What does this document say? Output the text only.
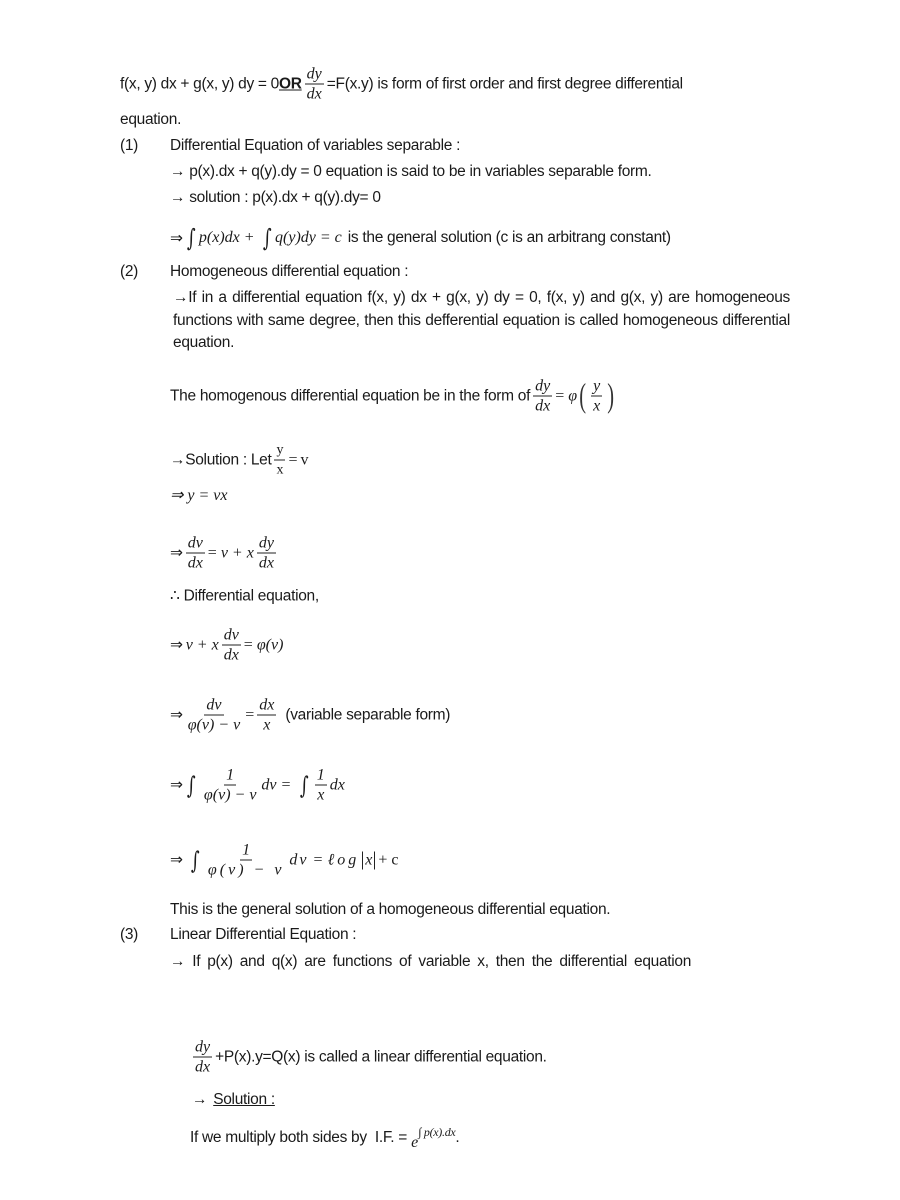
f(x, y) dx + g(x, y) dy = 0 OR $\frac{dy}{dx} =F(x.y)$ is form of first order and first degree differential
equation.
(1) Differential Equation of variables separable :
→ p(x).dx + q(y).dy = 0 equation is said to be in variables separable form.
→ solution : p(x).dx + q(y).dy= 0
⇒ ∫ p(x)dx + ∫ q(y)dy = c is the general solution (c is an arbitrang constant)
(2) Homogeneous differential equation :
→If in a differential equation f(x, y) dx + g(x, y) dy = 0, f(x, y) and g(x, y) are homogeneous functions with same degree, then this defferential equation is called homogeneous differential equation.
The homogenous differential equation be in the form of $\frac{dy}{dx} = \varphi$ ( $\frac{y}{x}$ )
→Solution : Let $\frac{y}{x} = v$
⇒ y = vx
⇒ $\frac{dv}{dx} = v + x \frac{dy}{dx}$
∴ Differential equation,
⇒ v + x $\frac{dv}{dx} = \varphi(v)$
⇒ $\frac{dv}{\varphi(v) - v} = \frac{dx}{x}$ (variable separable form)
⇒ ∫ $\frac{1}{\varphi(v) - v}$ dv = ∫ $\frac{1}{x}$ dx
⇒ ∫ $\frac{1}{\varphi(v) - v}$ dv = ℓog x + c
This is the general solution of a homogeneous differential equation.
(3) Linear Differential Equation :
→ If p(x) and q(x) are functions of variable x, then the differential equation
$\frac{dy}{dx} +P(x).y=Q(x)$ is called a linear differential equation.
→ Solution :
If we multiply both sides by  I.F. = e
$^{\int p(x).dx}$ .
